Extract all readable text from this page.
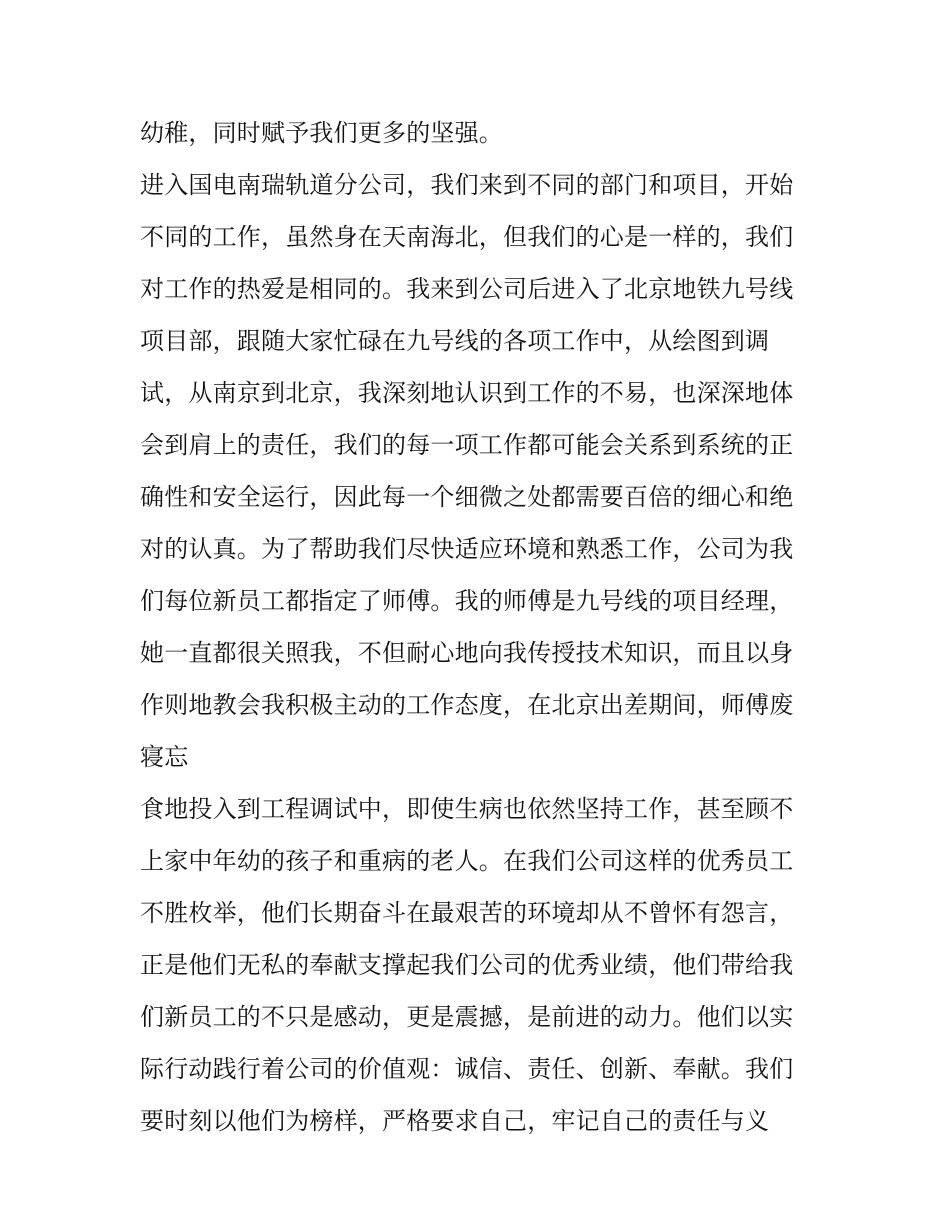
幼稚，同时赋予我们更多的坚强。
进入国电南瑞轨道分公司，我们来到不同的部门和项目，开始
不同的工作，虽然身在天南海北，但我们的心是一样的，我们
对工作的热爱是相同的。我来到公司后进入了北京地铁九号线
项目部，跟随大家忙碌在九号线的各项工作中，从绘图到调
试，从南京到北京，我深刻地认识到工作的不易，也深深地体
会到肩上的责任，我们的每一项工作都可能会关系到系统的正
确性和安全运行，因此每一个细微之处都需要百倍的细心和绝
对的认真。为了帮助我们尽快适应环境和熟悉工作，公司为我
们每位新员工都指定了师傅。我的师傅是九号线的项目经理，
她一直都很关照我，不但耐心地向我传授技术知识，而且以身
作则地教会我积极主动的工作态度，在北京出差期间，师傅废
寝忘
食地投入到工程调试中，即使生病也依然坚持工作，甚至顾不
上家中年幼的孩子和重病的老人。在我们公司这样的优秀员工
不胜枚举，他们长期奋斗在最艰苦的环境却从不曾怀有怨言，
正是他们无私的奉献支撑起我们公司的优秀业绩，他们带给我
们新员工的不只是感动，更是震撼，是前进的动力。他们以实
际行动践行着公司的价值观：诚信、责任、创新、奉献。我们
要时刻以他们为榜样，严格要求自己，牢记自己的责任与义
